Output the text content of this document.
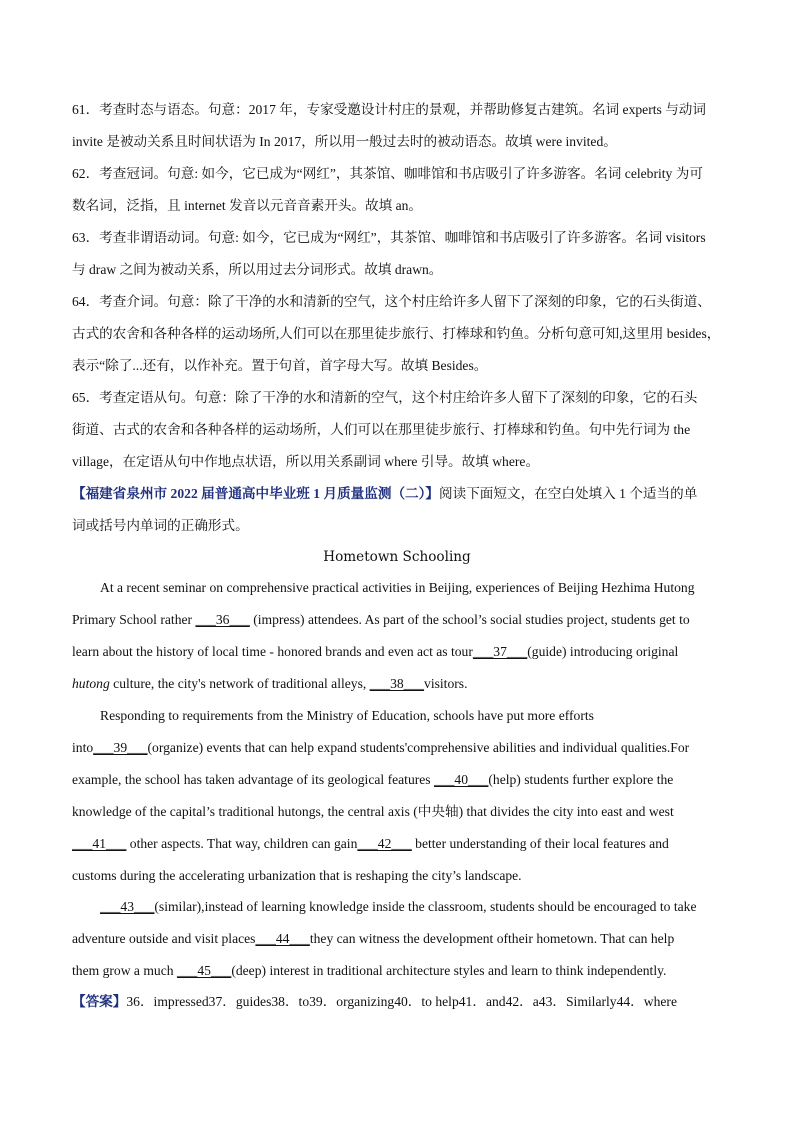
61．考查时态与语态。句意：2017 年，专家受邀设计村庄的景观，并帮助修复古建筑。名词 experts 与动词
invite 是被动关系且时间状语为 In 2017，所以用一般过去时的被动语态。故填 were invited。
62．考查冠词。句意: 如今，它已成为“网红”，其茶馆、咖啡馆和书店吸引了许多游客。名词 celebrity 为可
数名词，泛指，且 internet 发音以元音音素开头。故填 an。
63．考查非谓语动词。句意: 如今，它已成为“网红”，其茶馆、咖啡馆和书店吸引了许多游客。名词 visitors
与 draw 之间为被动关系，所以用过去分词形式。故填 drawn。
64．考查介词。句意：除了干净的水和清新的空气，这个村庄给许多人留下了深刻的印象，它的石头街道、
古式的农舍和各种各样的运动场所,人们可以在那里徒步旅行、打棒球和钓鱼。分析句意可知,这里用 besides，
表示“除了...还有，以作补充。置于句首，首字母大写。故填 Besides。
65．考查定语从句。句意：除了干净的水和清新的空气，这个村庄给许多人留下了深刻的印象，它的石头
街道、古式的农舍和各种各样的运动场所，人们可以在那里徒步旅行、打棒球和钓鱼。句中先行词为 the
village，在定语从句中作地点状语，所以用关系副词 where 引导。故填 where。
【福建省泉州市 2022 届普通高中毕业班 1 月质量监测（二）】阅读下面短文，在空白处填入 1 个适当的单
词或括号内单词的正确形式。
Hometown Schooling
At a recent seminar on comprehensive practical activities in Beijing, experiences of Beijing Hezhima Hutong
Primary School rather ___36___ (impress) attendees. As part of the school’s social studies project, students get to
learn about the history of local time - honored brands and even act as tour___37___(guide) introducing original
hutong culture, the city's network of traditional alleys, ___38___visitors.
Responding to requirements from the Ministry of Education, schools have put more efforts
into___39___(organize) events that can help expand students'comprehensive abilities and individual qualities.For
example, the school has taken advantage of its geological features ___40___(help) students further explore the
knowledge of the capital’s traditional hutongs, the central axis (中央轴) that divides the city into east and west
___41___ other aspects. That way, children can gain___42___ better understanding of their local features and
customs during the accelerating urbanization that is reshaping the city’s landscape.
___43___(similar),instead of learning knowledge inside the classroom, students should be encouraged to take
adventure outside and visit places___44___they can witness the development oftheir hometown. That can help
them grow a much ___45___(deep) interest in traditional architecture styles and learn to think independently.
【答案】36．impressed37．guides38．to39．organizing40．to help41．and42．a43．Similarly44．where
